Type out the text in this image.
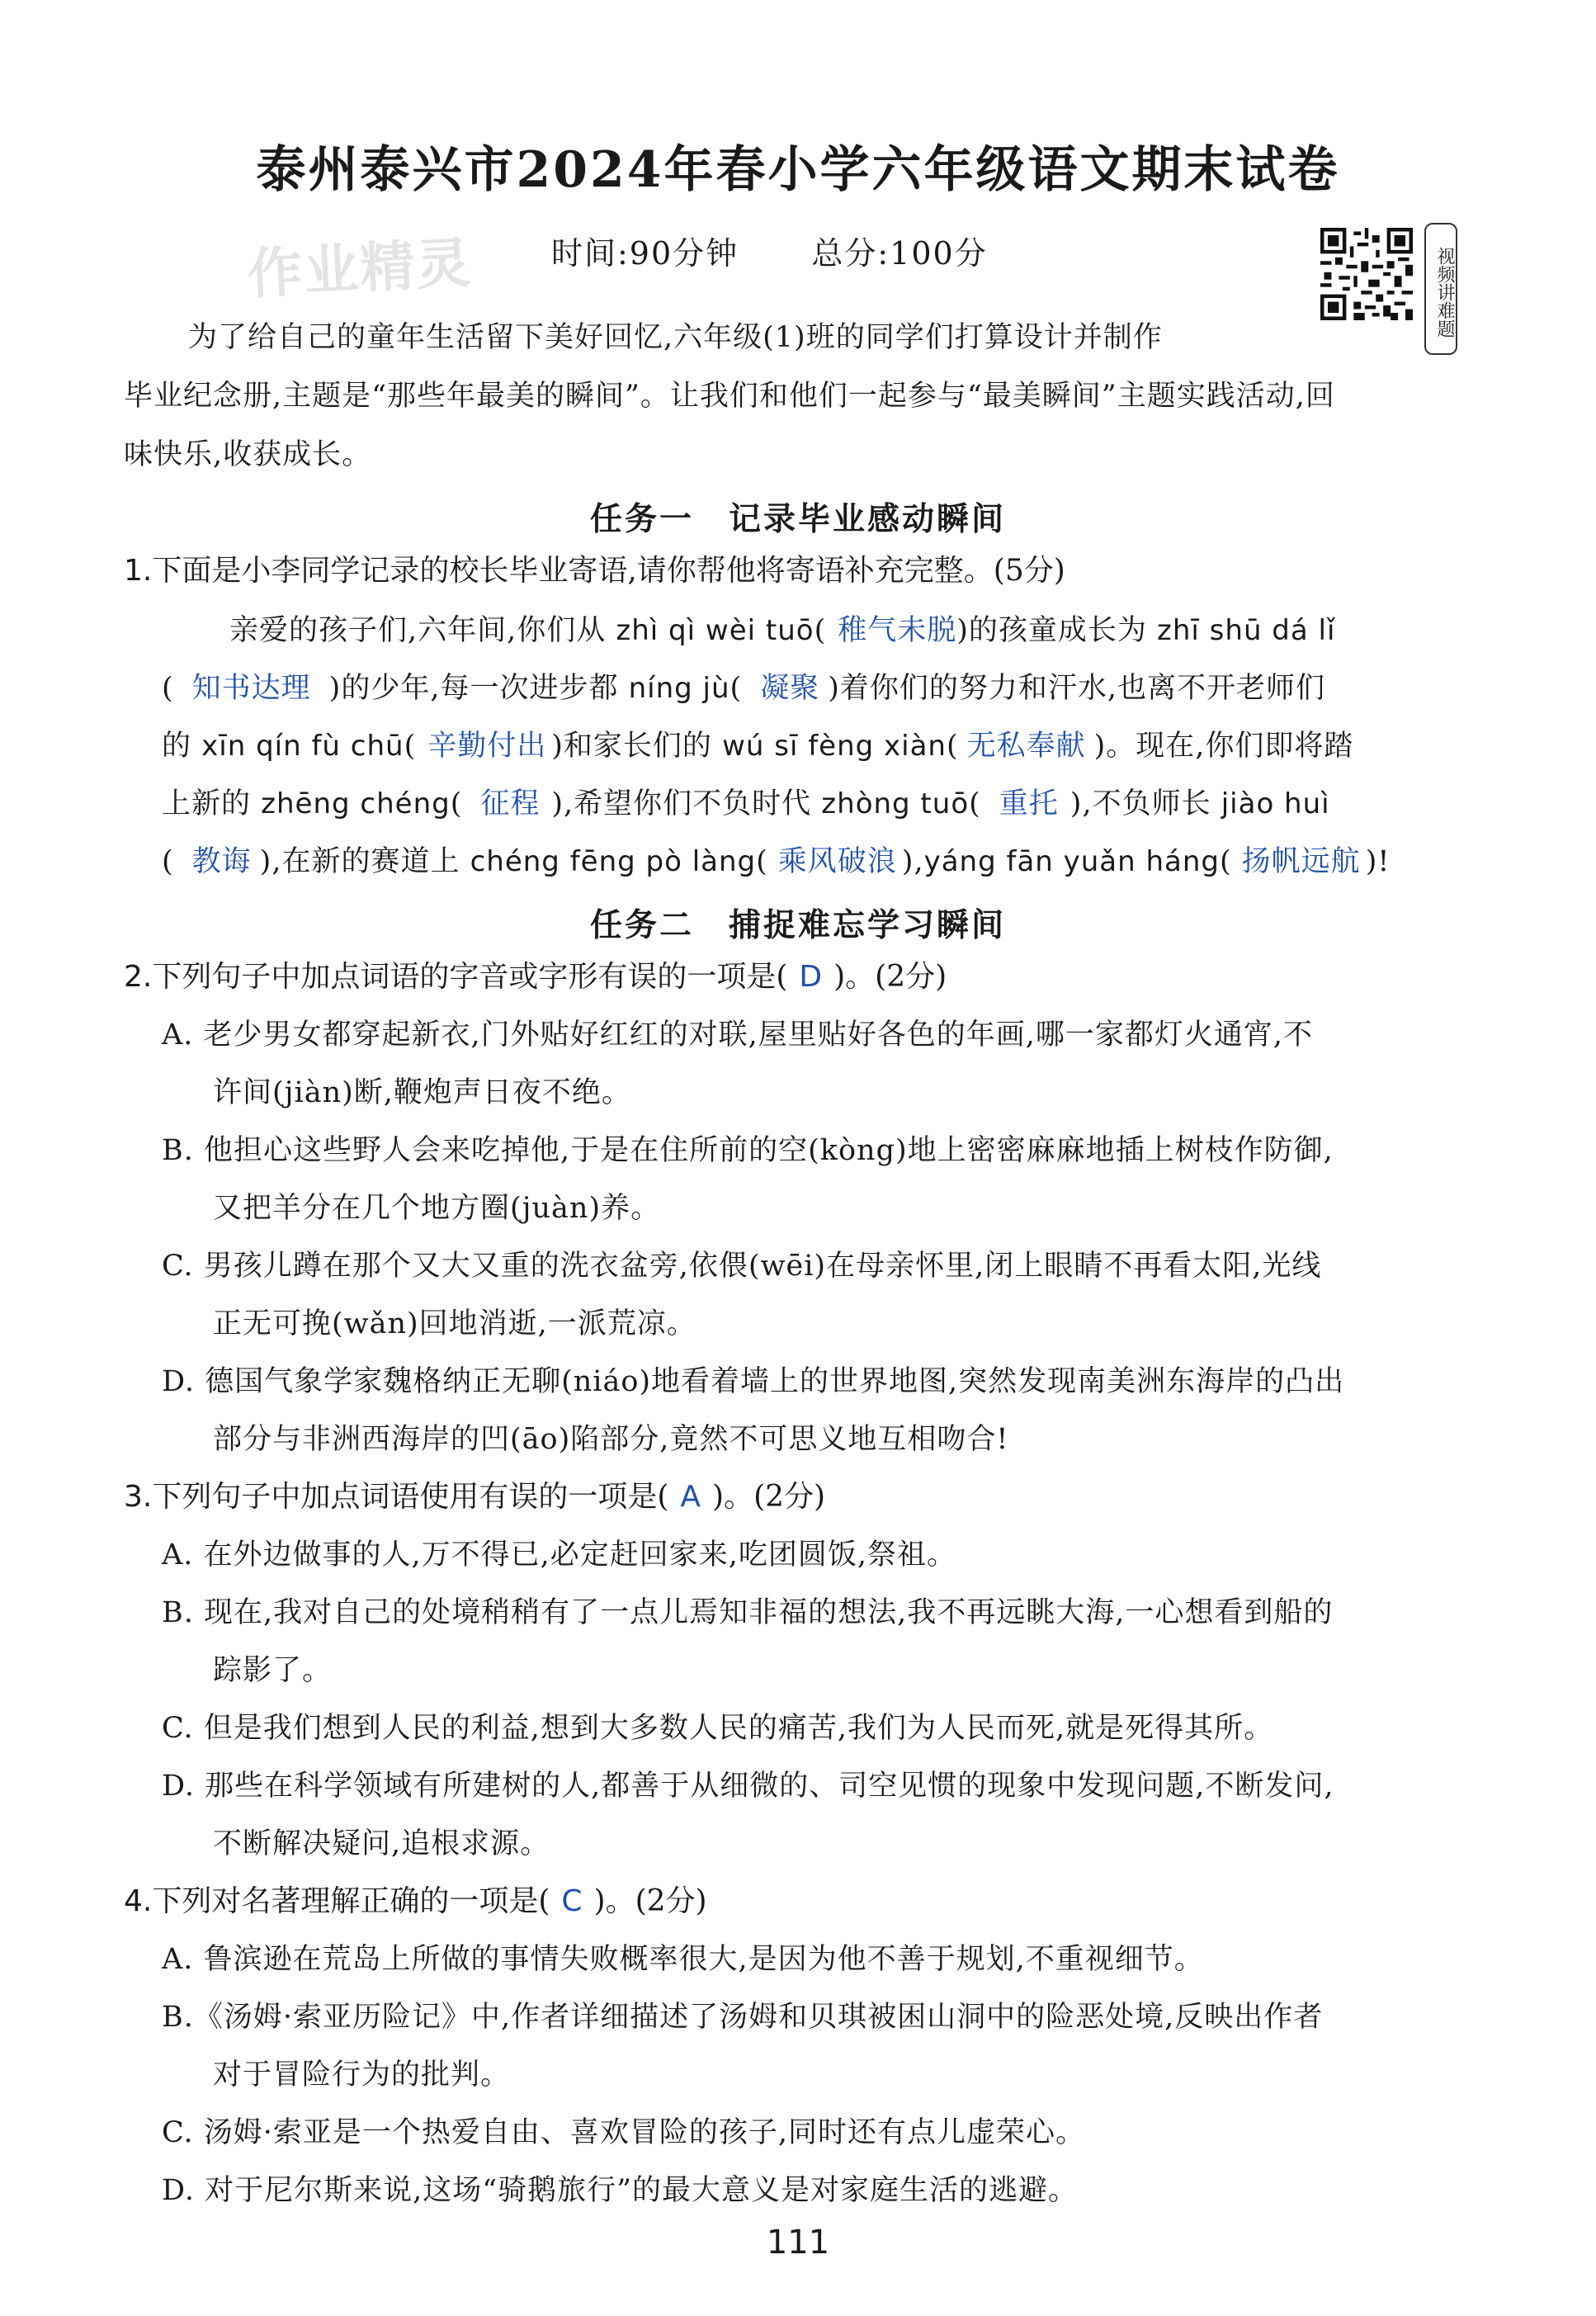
泰州泰兴市2024年春小学六年级语文期末试卷
作业精灵 时间:90分钟 总分:100分	视频讲难题
为了给自己的童年生活留下美好回忆,六年级(1)班的同学们打算设计并制作
毕业纪念册,主题是“那些年最美的瞬间”。让我们和他们一起参与“最美瞬间”主题实践活动,回
味快乐,收获成长。
任务一　记录毕业感动瞬间
1.下面是小李同学记录的校长毕业寄语,请你帮他将寄语补充完整。(5分)
亲爱的孩子们,六年间,你们从 zhì qì wèi tuō( 稚气未脱)的孩童成长为 zhī shū dá lǐ
( 知书达理 )的少年,每一次进步都 níng jù( 凝聚 )着你们的努力和汗水,也离不开老师们
的 xīn qín fù chū( 辛勤付出 )和家长们的 wú sī fèng xiàn( 无私奉献 )。现在,你们即将踏
上新的 zhēng chéng( 征程 ),希望你们不负时代 zhòng tuō( 重托 ),不负师长 jiào huì
( 教诲 ),在新的赛道上 chéng fēng pò làng( 乘风破浪 ),yáng fān yuǎn háng( 扬帆远航 )!
任务二　捕捉难忘学习瞬间
2.下列句子中加点词语的字音或字形有误的一项是( D )。(2分)
A. 老少男女都穿起新衣,门外贴好红红的对联,屋里贴好各色的年画,哪一家都灯火通宵,不
许间(jiàn)断,鞭炮声日夜不绝。
B. 他担心这些野人会来吃掉他,于是在住所前的空(kòng)地上密密麻麻地插上树枝作防御,
又把羊分在几个地方圈(juàn)养。
C. 男孩儿蹲在那个又大又重的洗衣盆旁,依偎(wēi)在母亲怀里,闭上眼睛不再看太阳,光线
正无可挽(wǎn)回地消逝,一派荒凉。
D. 德国气象学家魏格纳正无聊(niáo)地看着墙上的世界地图,突然发现南美洲东海岸的凸出
部分与非洲西海岸的凹(āo)陷部分,竟然不可思义地互相吻合!
3.下列句子中加点词语使用有误的一项是( A )。(2分)
A. 在外边做事的人,万不得已,必定赶回家来,吃团圆饭,祭祖。
B. 现在,我对自己的处境稍稍有了一点儿焉知非福的想法,我不再远眺大海,一心想看到船的
踪影了。
C. 但是我们想到人民的利益,想到大多数人民的痛苦,我们为人民而死,就是死得其所。
D. 那些在科学领域有所建树的人,都善于从细微的、司空见惯的现象中发现问题,不断发问,
不断解决疑问,追根求源。
4.下列对名著理解正确的一项是( C )。(2分)
A. 鲁滨逊在荒岛上所做的事情失败概率很大,是因为他不善于规划,不重视细节。
B.《汤姆·索亚历险记》中,作者详细描述了汤姆和贝琪被困山洞中的险恶处境,反映出作者
对于冒险行为的批判。
C. 汤姆·索亚是一个热爱自由、喜欢冒险的孩子,同时还有点儿虚荣心。
D. 对于尼尔斯来说,这场“骑鹅旅行”的最大意义是对家庭生活的逃避。
111
